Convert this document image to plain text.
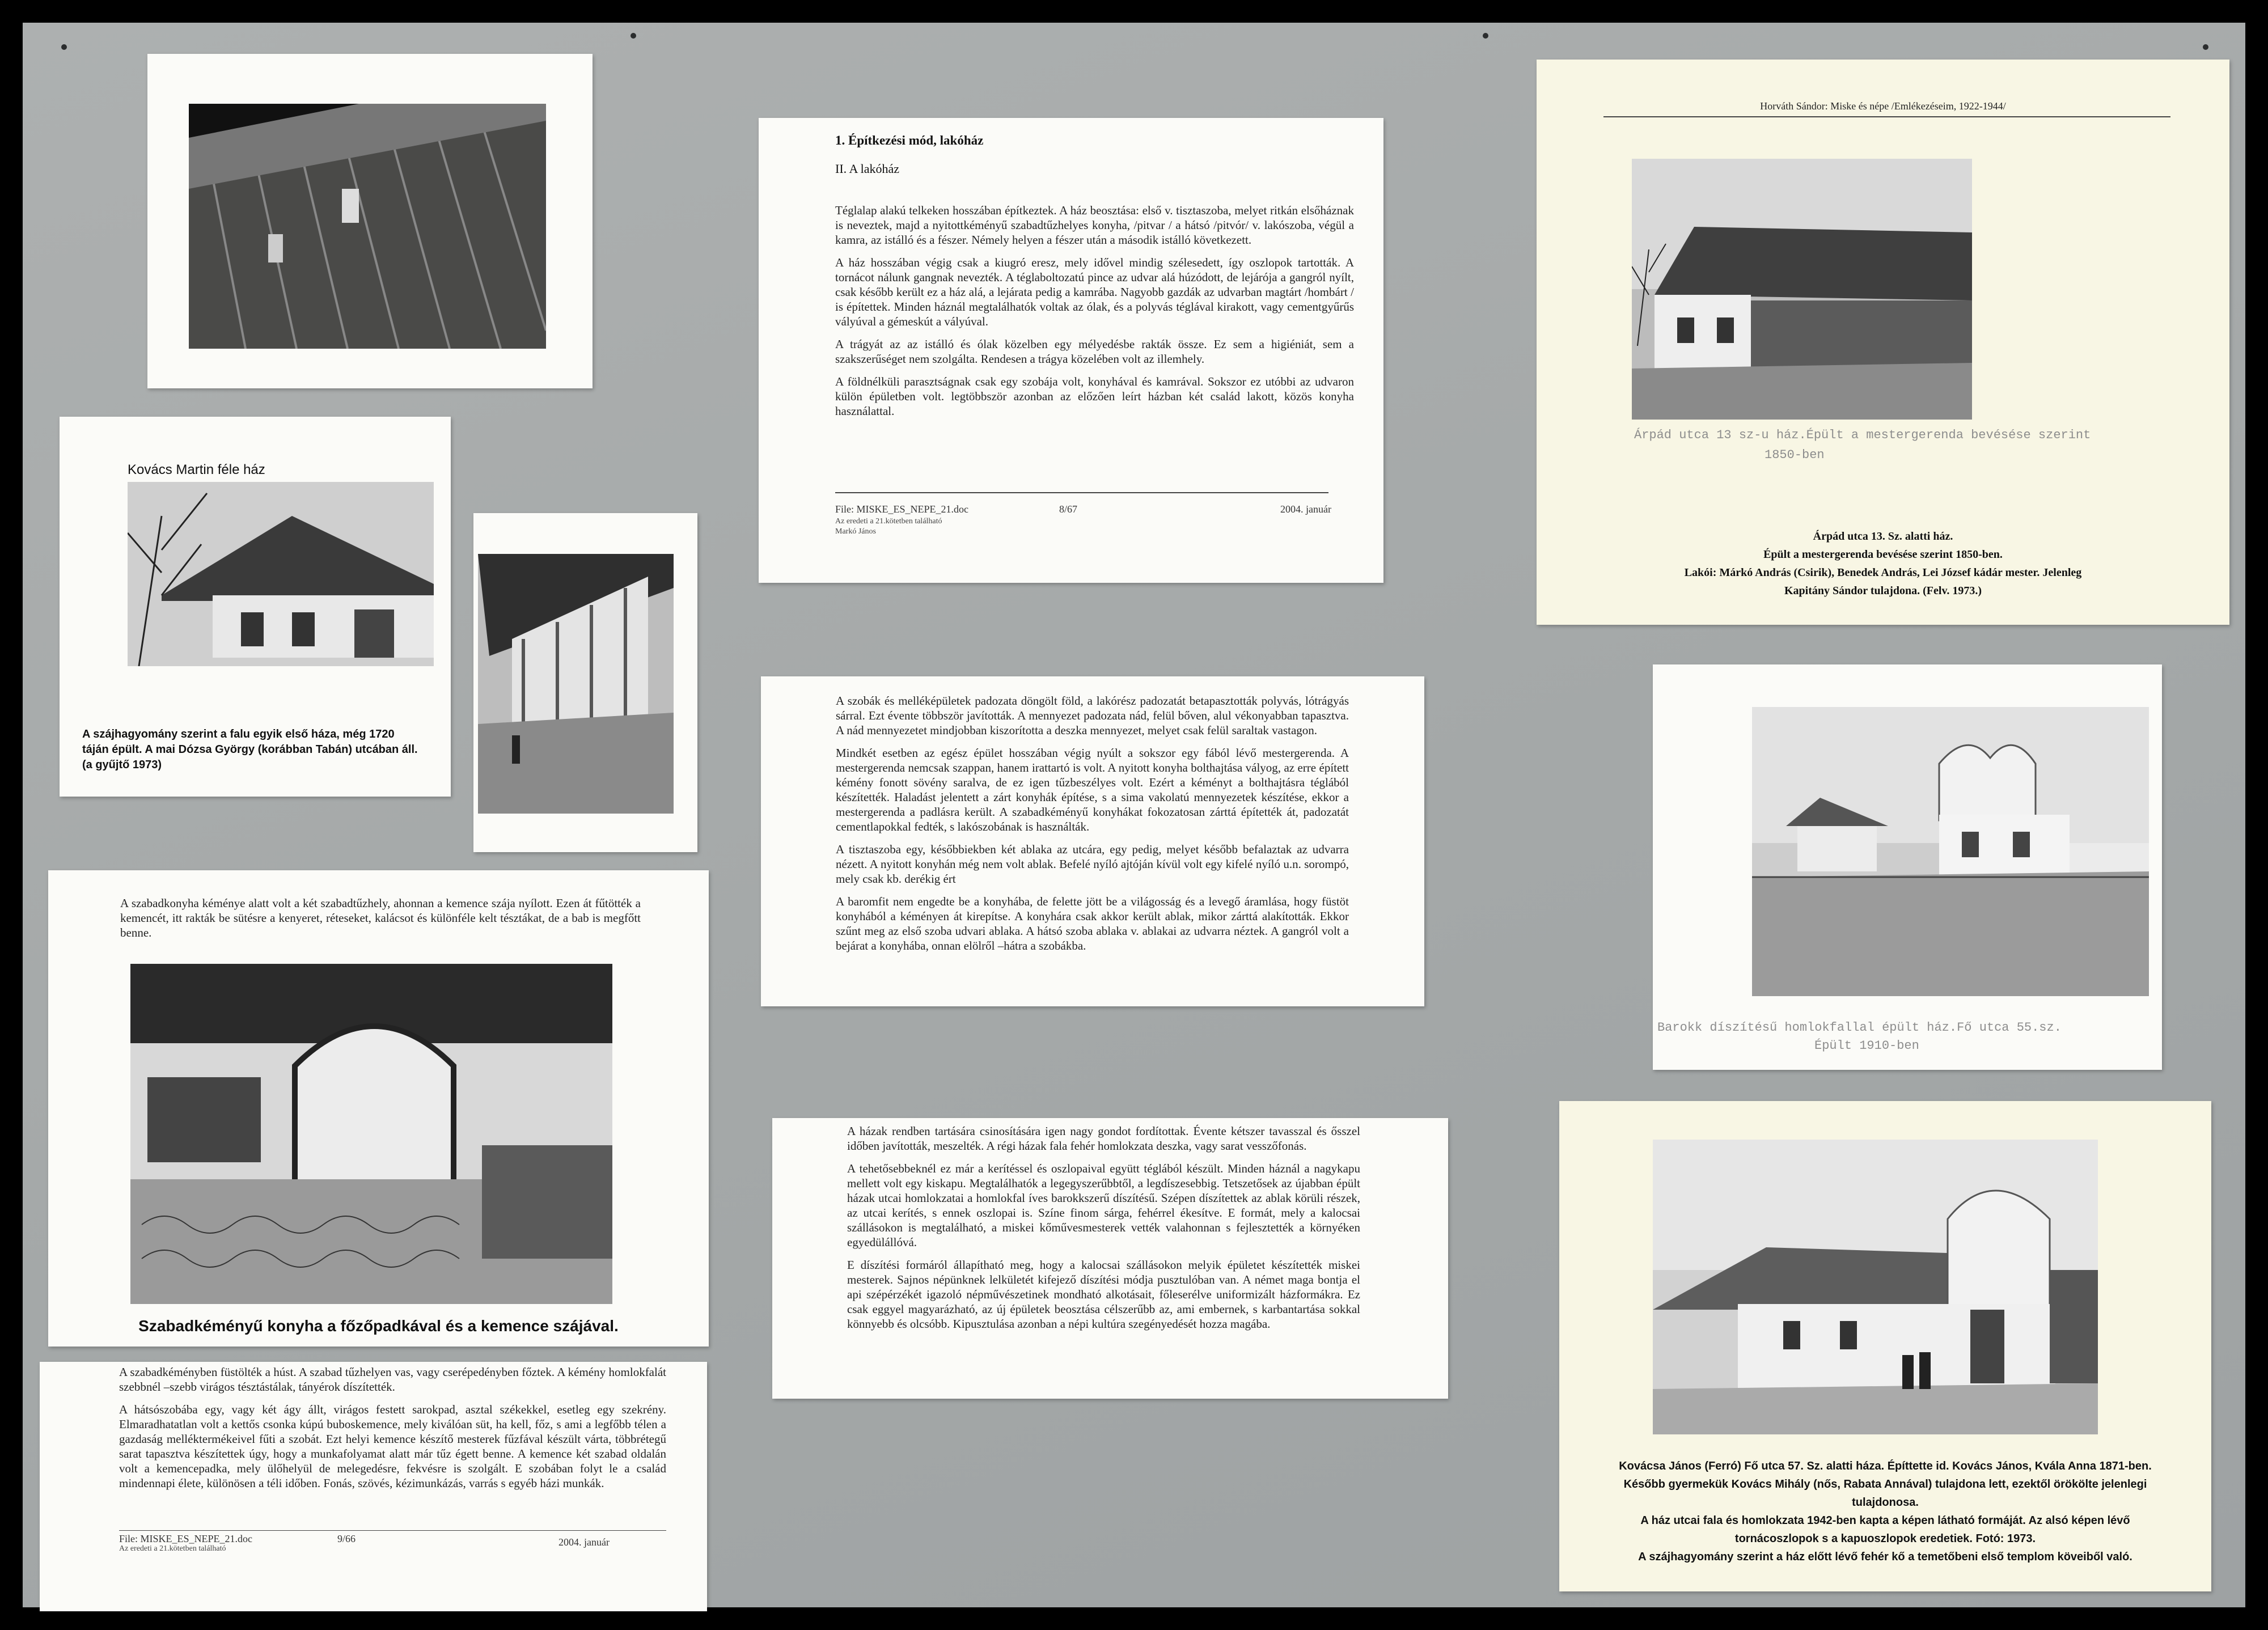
Kovács Martin féle ház
A szájhagyomány szerint a falu egyik első háza, még 1720
táján épült. A mai Dózsa György (korábban Tabán) utcában áll.
(a gyűjtő 1973)
1. Építkezési mód, lakóház
II. A lakóház

Téglalap alakú telkeken hosszában építkeztek. A ház beosztása: első v. tisztaszoba, melyet ritkán elsőháznak is neveztek, majd a nyitottkéményű szabadtűzhelyes konyha, /pitvar / a hátsó /pitvór/ v. lakószoba, végül a kamra, az istálló és a fészer. Némely helyen a fészer után a második istálló következett.

A ház hosszában végig csak a kiugró eresz, mely idővel mindig szélesedett, így oszlopok tartották. A tornácot nálunk gangnak nevezték. A téglaboltozatú pince az udvar alá húzódott, de lejárója a gangról nyílt, csak később került ez a ház alá, a lejárata pedig a kamrába. Nagyobb gazdák az udvarban magtárt /hombárt / is építettek. Minden háznál megtalálhatók voltak az ólak, és a polyvás téglával kirakott, vagy cementgyűrűs vályúval a gémeskút a vályúval.

A trágyát az az istálló és ólak közelben egy mélyedésbe rakták össze. Ez sem a higiéniát, sem a szakszerűséget nem szolgálta. Rendesen a trágya közelében volt az illemhely.

A földnélküli parasztságnak csak egy szobája volt, konyhával és kamrával. Sokszor ez utóbbi az udvaron külön épületben volt. legtöbbször azonban az előzően leírt házban két család lakott, közös konyha használattal.

File: MISKE_ES_NEPE_21.doc	8/67	2004. január
Az eredeti a 21.kötetben található
Markó János
Horváth Sándor: Miske és népe /Emlékezéseim, 1922-1944/
Árpád utca 13 sz-u ház.Épült a mestergerenda bevésése szerint
1850-ben
Árpád utca 13. Sz. alatti ház.
Épült a mestergerenda bevésése szerint 1850-ben.
Lakói: Márkó András (Csirik), Benedek András, Lei József kádár mester. Jelenleg
Kapitány Sándor tulajdona. (Felv. 1973.)

A szobák és melléképületek padozata döngölt föld, a lakórész padozatát betapasztották polyvás, lótrágyás sárral. Ezt évente többször javították. A mennyezet padozata nád, felül bőven, alul vékonyabban tapasztva. A nád mennyezetet mindjobban kiszorította a deszka mennyezet, melyet csak felül saraltak vastagon.

Mindkét esetben az egész épület hosszában végig nyúlt a sokszor egy fából lévő mestergerenda. A mestergerenda nemcsak szappan, hanem irattartó is volt. A nyitott konyha bolthajtása vályog, az erre épített kémény fonott sövény saralva, de ez igen tűzbeszélyes volt. Ezért a kéményt a bolthajtásra téglából készítették. Haladást jelentett a zárt konyhák építése, s a sima vakolatú mennyezetek készítése, ekkor a mestergerenda a padlásra került. A szabadkéményű konyhákat fokozatosan zárttá építették át, padozatát cementlapokkal fedték, s lakószobának is használták.

A tisztaszoba egy, későbbiekben két ablaka az utcára, egy pedig, melyet később befalaztak az udvarra nézett. A nyitott konyhán még nem volt ablak. Befelé nyíló ajtóján kívül volt egy kifelé nyíló u.n. sorompó, mely csak kb. derékig ért

A baromfit nem engedte be a konyhába, de felette jött be a világosság és a levegő áramlása, hogy füstöt konyhából a kéményen át kirepítse. A konyhára csak akkor került ablak, mikor zárttá alakították. Ekkor szűnt meg az első szoba udvari ablaka. A hátsó szoba ablaka v. ablakai az udvarra néztek. A gangról volt a bejárat a konyhába, onnan elölről –hátra a szobákba.

A szabadkonyha kéménye alatt volt a két szabadtűzhely, ahonnan a kemence szája nyílott. Ezen át fűtötték a kemencét, itt rakták be sütésre a kenyeret, réteseket, kalácsot és különféle kelt tésztákat, de a bab is megfőtt benne.
Szabadkéményű konyha a főzőpadkával és a kemence szájával.
Barokk díszítésű homlokfallal épült ház.Fő utca 55.sz.
Épült 1910-ben

A házak rendben tartására csinosítására igen nagy gondot fordítottak. Évente kétszer tavasszal és ősszel időben javították, meszelték. A régi házak fala fehér homlokzata deszka, vagy sarat vesszőfonás.

A tehetősebbeknél ez már a kerítéssel és oszlopaival együtt téglából készült. Minden háznál a nagykapu mellett volt egy kiskapu. Megtalálhatók a legegyszerűbbtől, a legdíszesebbig. Tetszetősek az újabban épült házak utcai homlokzatai a homlokfal íves barokkszerű díszítésű. Szépen díszítettek az ablak körüli részek, az utcai kerítés, s ennek oszlopai is. Színe finom sárga, fehérrel ékesítve. E formát, mely a kalocsai szállásokon is megtalálható, a miskei kőművesmesterek vették valahonnan s fejlesztették a környéken egyedülállóvá.

E díszítési formáról állapítható meg, hogy a kalocsai szállásokon melyik épületet készítették miskei mesterek. Sajnos népünknek lelkületét kifejező díszítési módja pusztulóban van. A német maga bontja el api szépérzékét igazoló népművészetinek mondható alkotásait, főleserélve uniformizált házformákra. Ez csak eggyel magyarázható, az új épületek beosztása célszerűbb az, ami embernek, s karbantartása sokkal könnyebb és olcsóbb. Kipusztulása azonban a népi kultúra szegényedését hozza magába.

A szabadkéményben füstölték a húst. A szabad tűzhelyen vas, vagy cserépedényben főztek. A kémény homlokfalát szebbnél –szebb virágos tésztástálak, tányérok díszítették.

A hátsószobába egy, vagy két ágy állt, virágos festett sarokpad, asztal székekkel, esetleg egy szekrény. Elmaradhatatlan volt a kettős csonka kúpú buboskemence, mely kiválóan süt, ha kell, főz, s ami a legfőbb télen a gazdaság melléktermékeivel fűti a szobát. Ezt helyi kemence készítő mesterek fűzfával készült várta, többrétegű sarat tapasztva készítettek úgy, hogy a munkafolyamat alatt már tűz égett benne. A kemence két szabad oldalán volt a kemencepadka, mely ülőhelyül de melegedésre, fekvésre is szolgált. E szobában folyt le a család mindennapi élete, különösen a téli időben. Fonás, szövés, kézimunkázás, varrás s egyéb házi munkák.

File: MISKE_ES_NEPE_21.doc	9/66	2004. január
Az eredeti a 21.kötetben található
Kovácsa János (Ferró) Fő utca 57. Sz. alatti háza. Építtette id. Kovács János, Kvála Anna 1871-ben.
Később gyermekük Kovács Mihály (nős, Rabata Annával) tulajdona lett, ezektől örökölte jelenlegi
tulajdonosa.
A ház utcai fala és homlokzata 1942-ben kapta a képen látható formáját. Az alsó képen lévő
tornácoszlopok s a kapuoszlopok eredetiek. Fotó: 1973.
A szájhagyomány szerint a ház előtt lévő fehér kő a temetőbeni első templom köveiből való.
